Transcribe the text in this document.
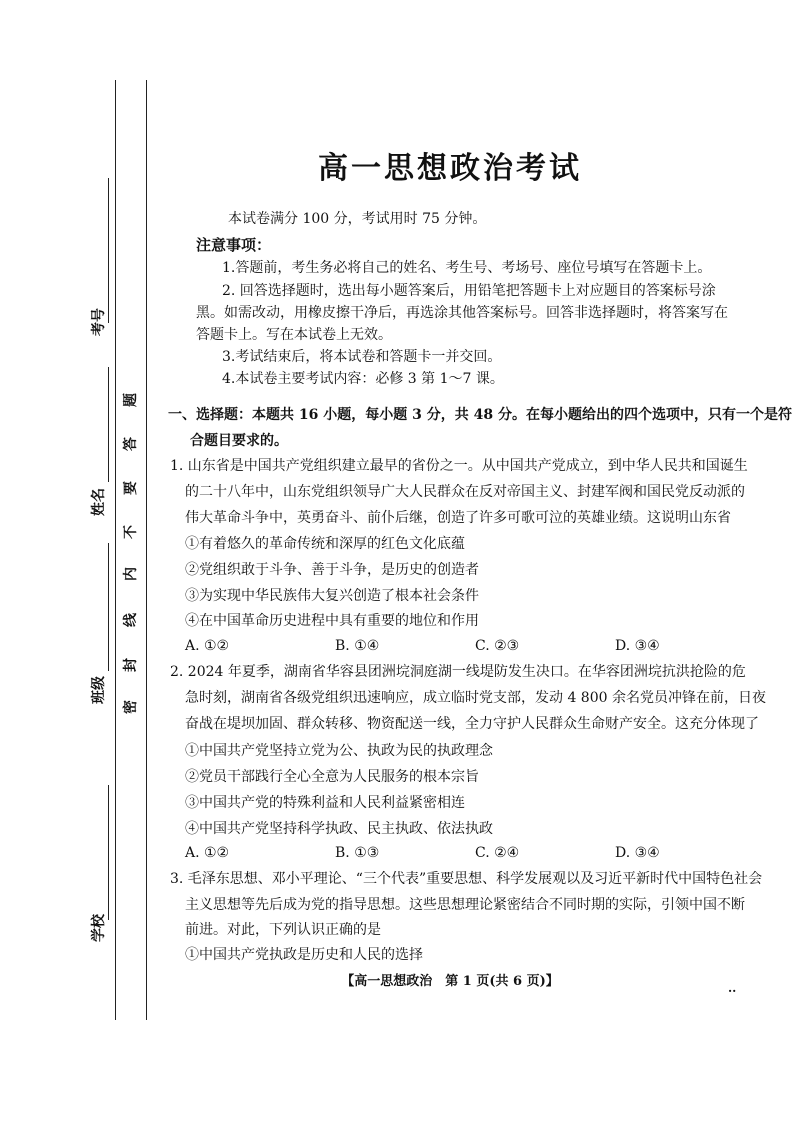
考号
姓名
班级
学校
题
答
要
不
内
线
封
密
高一思想政治考试
本试卷满分 100 分，考试用时 75 分钟。
注意事项：
1.答题前，考生务必将自己的姓名、考生号、考场号、座位号填写在答题卡上。
2. 回答选择题时，选出每小题答案后，用铅笔把答题卡上对应题目的答案标号涂
黑。如需改动，用橡皮擦干净后，再选涂其他答案标号。回答非选择题时，将答案写在
答题卡上。写在本试卷上无效。
3.考试结束后，将本试卷和答题卡一并交回。
4.本试卷主要考试内容：必修 3 第 1～7 课。
一、选择题：本题共 16 小题，每小题 3 分，共 48 分。在每小题给出的四个选项中，只有一个是符
合题目要求的。
1. 山东省是中国共产党组织建立最早的省份之一。从中国共产党成立，到中华人民共和国诞生
的二十八年中，山东党组织领导广大人民群众在反对帝国主义、封建军阀和国民党反动派的
伟大革命斗争中，英勇奋斗、前仆后继，创造了许多可歌可泣的英雄业绩。这说明山东省
①有着悠久的革命传统和深厚的红色文化底蕴
②党组织敢于斗争、善于斗争，是历史的创造者
③为实现中华民族伟大复兴创造了根本社会条件
④在中国革命历史进程中具有重要的地位和作用
A. ①②	B. ①④	C. ②③	D. ③④
2. 2024 年夏季，湖南省华容县团洲垸洞庭湖一线堤防发生决口。在华容团洲垸抗洪抢险的危
急时刻，湖南省各级党组织迅速响应，成立临时党支部，发动 4 800 余名党员冲锋在前，日夜
奋战在堤坝加固、群众转移、物资配送一线，全力守护人民群众生命财产安全。这充分体现了
①中国共产党坚持立党为公、执政为民的执政理念
②党员干部践行全心全意为人民服务的根本宗旨
③中国共产党的特殊利益和人民利益紧密相连
④中国共产党坚持科学执政、民主执政、依法执政
A. ①②	B. ①③	C. ②④	D. ③④
3. 毛泽东思想、邓小平理论、“三个代表”重要思想、科学发展观以及习近平新时代中国特色社会
主义思想等先后成为党的指导思想。这些思想理论紧密结合不同时期的实际，引领中国不断
前进。对此，下列认识正确的是
①中国共产党执政是历史和人民的选择
【高一思想政治　第 1 页(共 6 页)】
··
